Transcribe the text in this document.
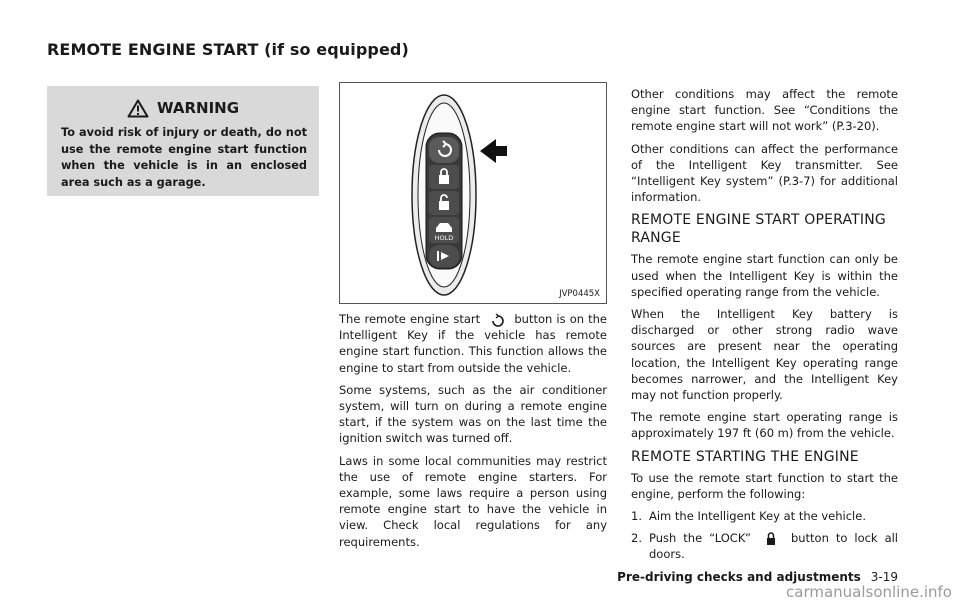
REMOTE ENGINE START (if so equipped)
WARNING
To avoid risk of injury or death, do not use the remote engine start function when the vehicle is in an enclosed area such as a garage.
HOLD
JVP0445X

The remote engine start	button is on the Intelligent Key if the vehicle has remote engine start function. This function allows the engine to start from outside the vehicle.

Some systems, such as the air conditioner system, will turn on during a remote engine start, if the system was on the last time the ignition switch was turned off.

Laws in some local communities may restrict the use of remote engine starters. For example, some laws require a person using remote engine start to have the vehicle in view. Check local regulations for any requirements.

Other conditions may affect the remote engine start function. See “Conditions the remote engine start will not work” (P.3-20).

Other conditions can affect the performance of the Intelligent Key transmitter. See “Intelligent Key system” (P.3-7) for additional information.

REMOTE ENGINE START OPERATING RANGE

The remote engine start function can only be used when the Intelligent Key is within the specified operating range from the vehicle.

When the Intelligent Key battery is discharged or other strong radio wave sources are present near the operating location, the Intelligent Key operating range becomes narrower, and the Intelligent Key may not function properly.

The remote engine start operating range is approximately 197 ft (60 m) from the vehicle.

REMOTE STARTING THE ENGINE

To use the remote start function to start the engine, perform the following:

1. Aim the Intelligent Key at the vehicle.
2. Push the “LOCK”	button to lock all doors.
Pre-driving checks and adjustments 3-19
carmanualsonline.info
